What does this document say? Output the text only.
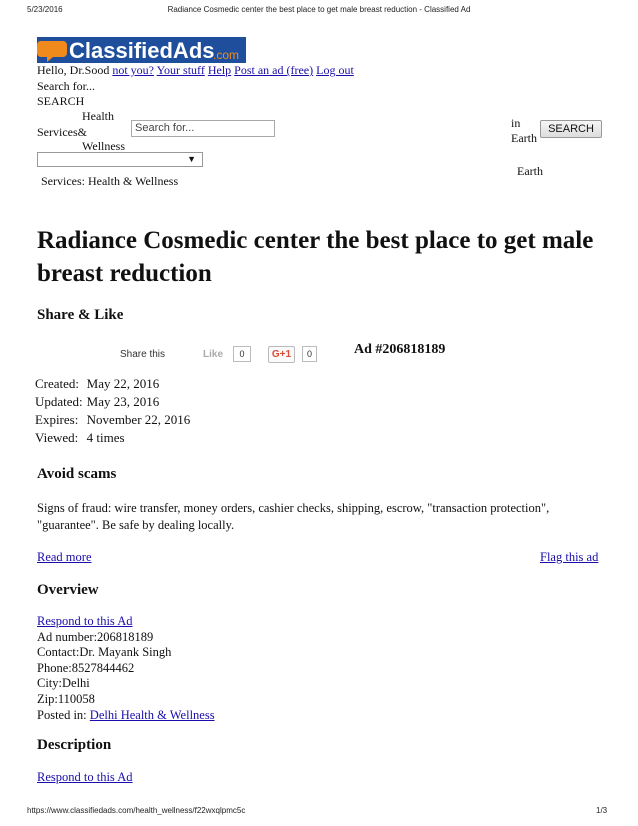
5/23/2016	Radiance Cosmedic center the best place to get male breast reduction - Classified Ad
ClassifiedAds
.com
Hello, Dr.Sood not you? Your stuff Help Post an ad (free) Log out
Search for...
SEARCH
Health
Services&
Wellness
Search for...	in
Earth
SEARCH
▼
Earth
Services: Health & Wellness
Radiance Cosmedic center the best place to get male breast reduction
Share & Like
Share this	Like	0	G+1	0	Ad #206818189
Created:	May 22, 2016
Updated:	May 23, 2016
Expires:	November 22, 2016
Viewed:	4 times
Avoid scams
Signs of fraud: wire transfer, money orders, cashier checks, shipping, escrow, "transaction protection", "guarantee". Be safe by dealing locally.
Read more	Flag this ad
Overview
Respond to this Ad
Ad number:206818189
Contact:Dr. Mayank Singh
Phone:8527844462
City:Delhi
Zip:110058
Posted in: Delhi Health & Wellness
Description
Respond to this Ad
https://www.classifiedads.com/health_wellness/f22wxqlpmc5c	1/3
